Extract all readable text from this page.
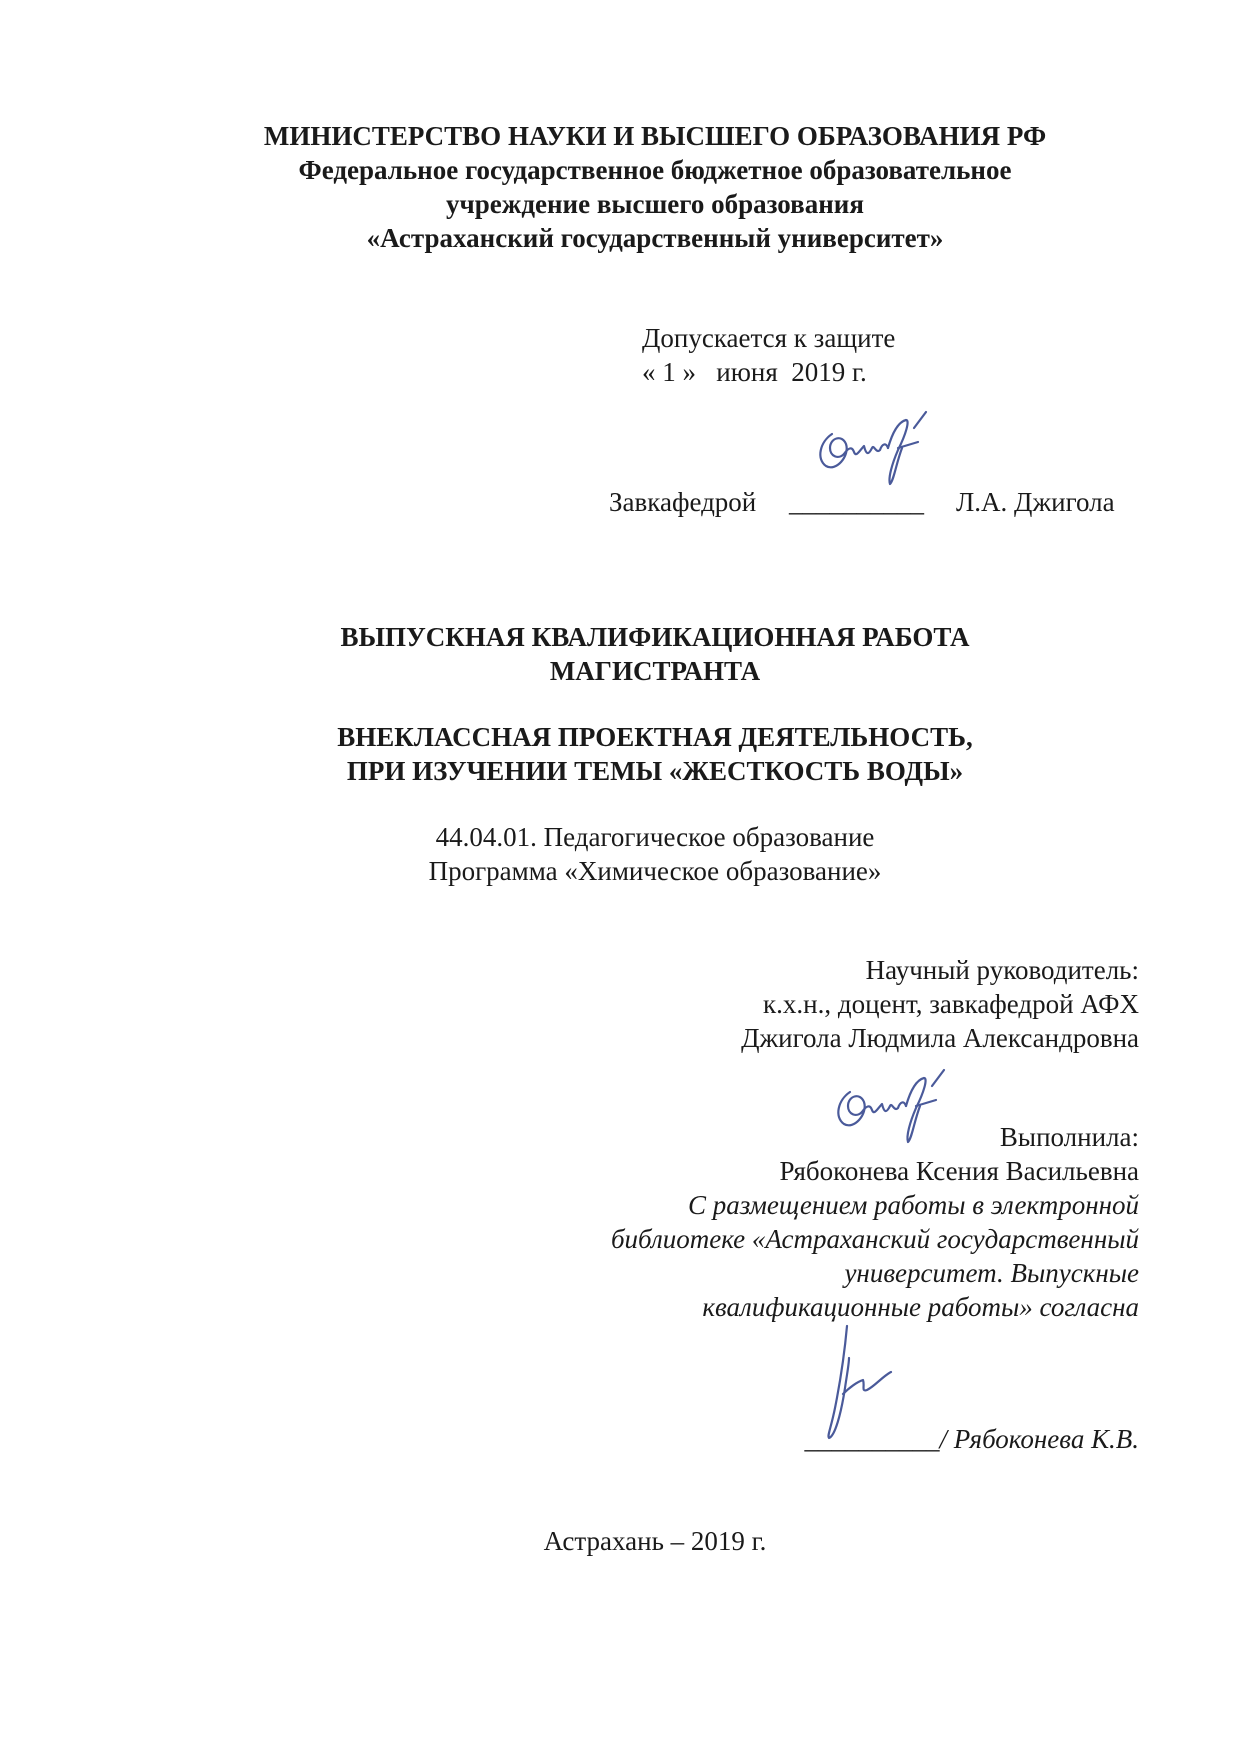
МИНИСТЕРСТВО НАУКИ И ВЫСШЕГО ОБРАЗОВАНИЯ РФ
Федеральное государственное бюджетное образовательное
учреждение высшего образования
«Астраханский государственный университет»
Допускается к защите
« 1 »   июня  2019 г.
Завкафедрой __________ Л.А. Джигола
ВЫПУСКНАЯ КВАЛИФИКАЦИОННАЯ РАБОТА
МАГИСТРАНТА
ВНЕКЛАССНАЯ ПРОЕКТНАЯ ДЕЯТЕЛЬНОСТЬ,
ПРИ ИЗУЧЕНИИ ТЕМЫ «ЖЕСТКОСТЬ ВОДЫ»
44.04.01. Педагогическое образование
Программа «Химическое образование»
Научный руководитель:
к.х.н., доцент, завкафедрой АФХ
Джигола Людмила Александровна
Выполнила:
Рябоконева Ксения Васильевна
С размещением работы в электронной
библиотеке «Астраханский государственный
университет. Выпускные
квалификационные работы» согласна
__________/ Рябоконева К.В.
Астрахань – 2019 г.
